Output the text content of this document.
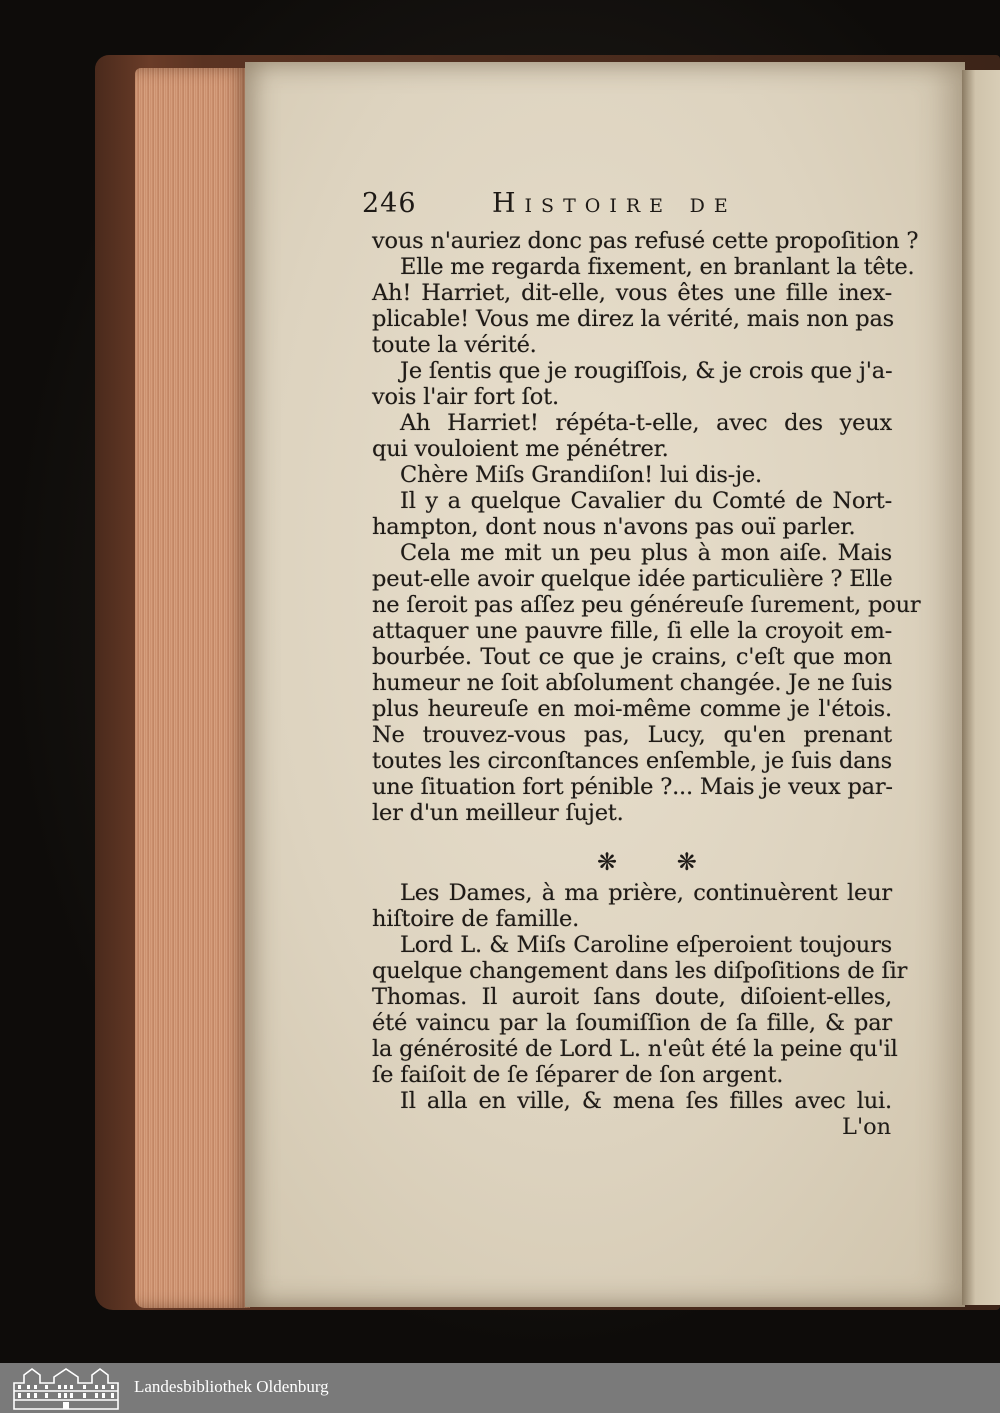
246	Histoire de
vous n'auriez donc pas refusé cette propoſition ?
Elle me regarda fixement, en branlant la tête.
Ah! Harriet, dit-elle, vous êtes une fille inex-
plicable! Vous me direz la vérité, mais non pas
toute la vérité.
Je ſentis que je rougiſſois, & je crois que j'a-
vois l'air fort ſot.
Ah Harriet! répéta-t-elle, avec des yeux
qui vouloient me pénétrer.
Chère Miſs Grandiſon! lui dis-je.
Il y a quelque Cavalier du Comté de Nort-
hampton, dont nous n'avons pas ouï parler.
Cela me mit un peu plus à mon aiſe. Mais
peut-elle avoir quelque idée particulière ? Elle
ne ſeroit pas aſſez peu généreuſe ſurement, pour
attaquer une pauvre fille, ſi elle la croyoit em-
bourbée. Tout ce que je crains, c'eſt que mon
humeur ne ſoit abſolument changée. Je ne ſuis
plus heureuſe en moi-même comme je l'étois.
Ne trouvez-vous pas, Lucy, qu'en prenant
toutes les circonſtances enſemble, je ſuis dans
une ſituation fort pénible ?... Mais je veux par-
ler d'un meilleur ſujet.
❋ ❋
Les Dames, à ma prière, continuèrent leur
hiſtoire de famille.
Lord L. & Miſs Caroline eſperoient toujours
quelque changement dans les diſpoſitions de ſir
Thomas. Il auroit ſans doute, diſoient-elles,
été vaincu par la ſoumiſſion de ſa fille, & par
la générosité de Lord L. n'eût été la peine qu'il
ſe faiſoit de ſe ſéparer de ſon argent.
Il alla en ville, & mena ſes filles avec lui.
L'on
Landesbibliothek Oldenburg
